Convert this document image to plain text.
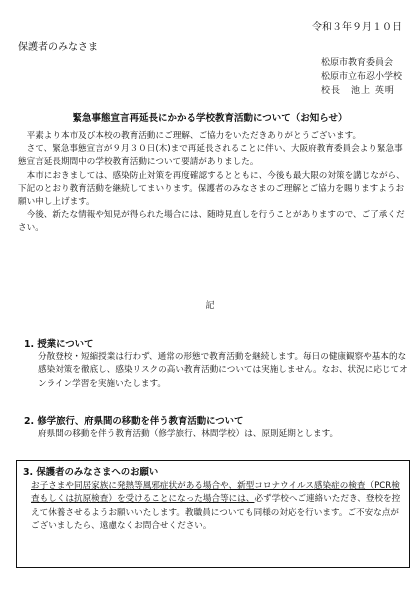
令和３年９月１０日
保護者のみなさま
松原市教育委員会
松原市立布忍小学校
校長　池上 英明
緊急事態宣言再延長にかかる学校教育活動について（お知らせ）

　平素より本市及び本校の教育活動にご理解、ご協力をいただきありがとうございます。

　さて、緊急事態宣言が９月３０日(木)まで再延長されることに伴い、大阪府教育委員会より緊急事態宣言延長期間中の学校教育活動について要請がありました。

　本市におきましては、感染防止対策を再度確認するとともに、今後も最大限の対策を講じながら、下記のとおり教育活動を継続してまいります。保護者のみなさまのご理解とご協力を賜りますようお願い申し上げます。

　今後、新たな情報や知見が得られた場合には、随時見直しを行うことがありますので、ご了承ください。

記
1. 授業について
分散登校・短縮授業は行わず、通常の形態で教育活動を継続します。毎日の健康観察や基本的な感染対策を徹底し、感染リスクの高い教育活動については実施しません。なお、状況に応じてオンライン学習を実施いたします。
2. 修学旅行、府県間の移動を伴う教育活動について
府県間の移動を伴う教育活動（修学旅行、林間学校）は、原則延期とします。
3. 保護者のみなさまへのお願い
お子さまや同居家族に発熱等風邪症状がある場合や、新型コロナウイルス感染症の検査（PCR検査もしくは抗原検査）を受けることになった場合等には、必ず学校へご連絡いただき、登校を控えて休養させるようお願いいたします。教職員についても同様の対応を行います。ご不安な点がございましたら、遠慮なくお問合せください。
